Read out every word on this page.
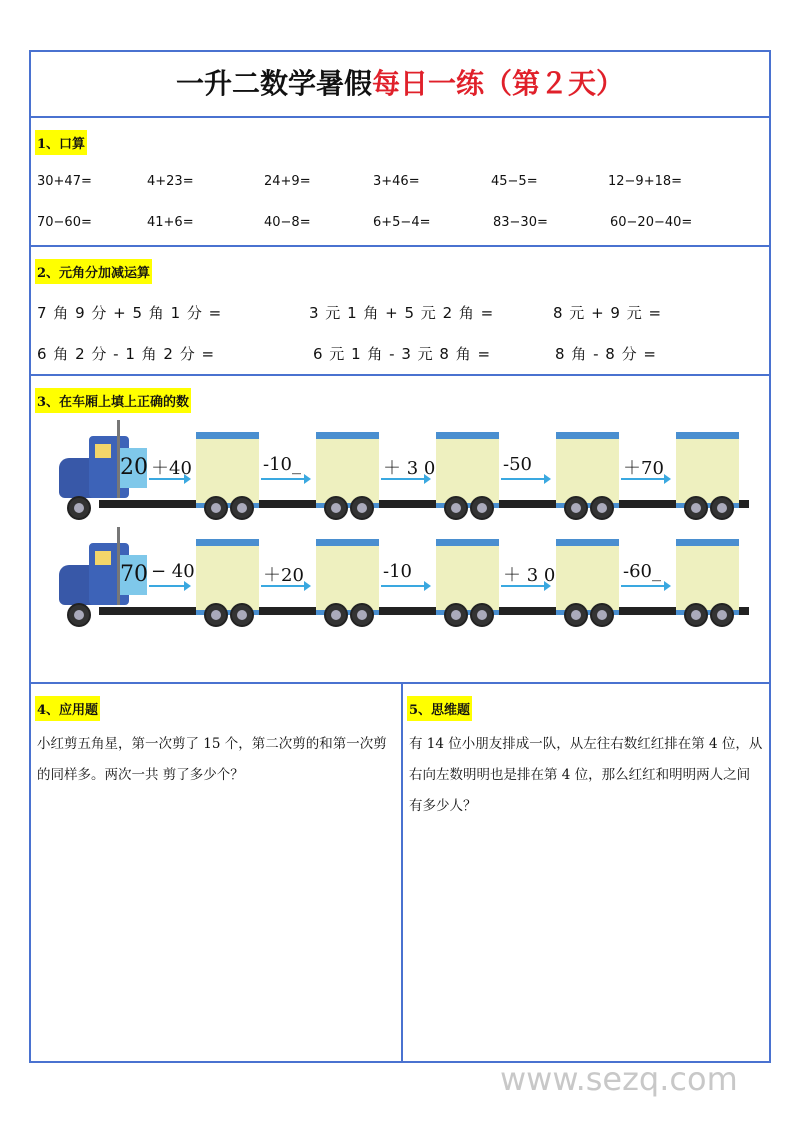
一升二数学暑假每日一练（第２天）
1、口算
30+47=	4+23=	24+9=	3+46=	45−5=	12−9+18=
70−60=	41+6=	40−8=	6+5−4=	83−30=	60−20−40=
2、元角分加减运算
7 角 9 分 + 5 角 1 分 =	3 元 1 角 + 5 元 2 角 =	8 元 + 9 元 =
6 角 2 分 - 1 角 2 分 =	6 元 1 角 - 3 元 8 角 =	8 角 - 8 分 =
3、在车厢上填上正确的数
20 ＋40	-10_	＋ 3 0	-50	＋70
70 − 40	＋20	-10	＋ 3 0	-60_
4、应用题
小红剪五角星，第一次剪了 15 个，第二次剪的和第一次剪的同样多。两次一共 剪了多少个？
5、思维题
有 14 位小朋友排成一队，从左往右数红红排在第 4 位，从右向左数明明也是排在第 4 位，那么红红和明明两人之间有多少人？
www.sezq.com
